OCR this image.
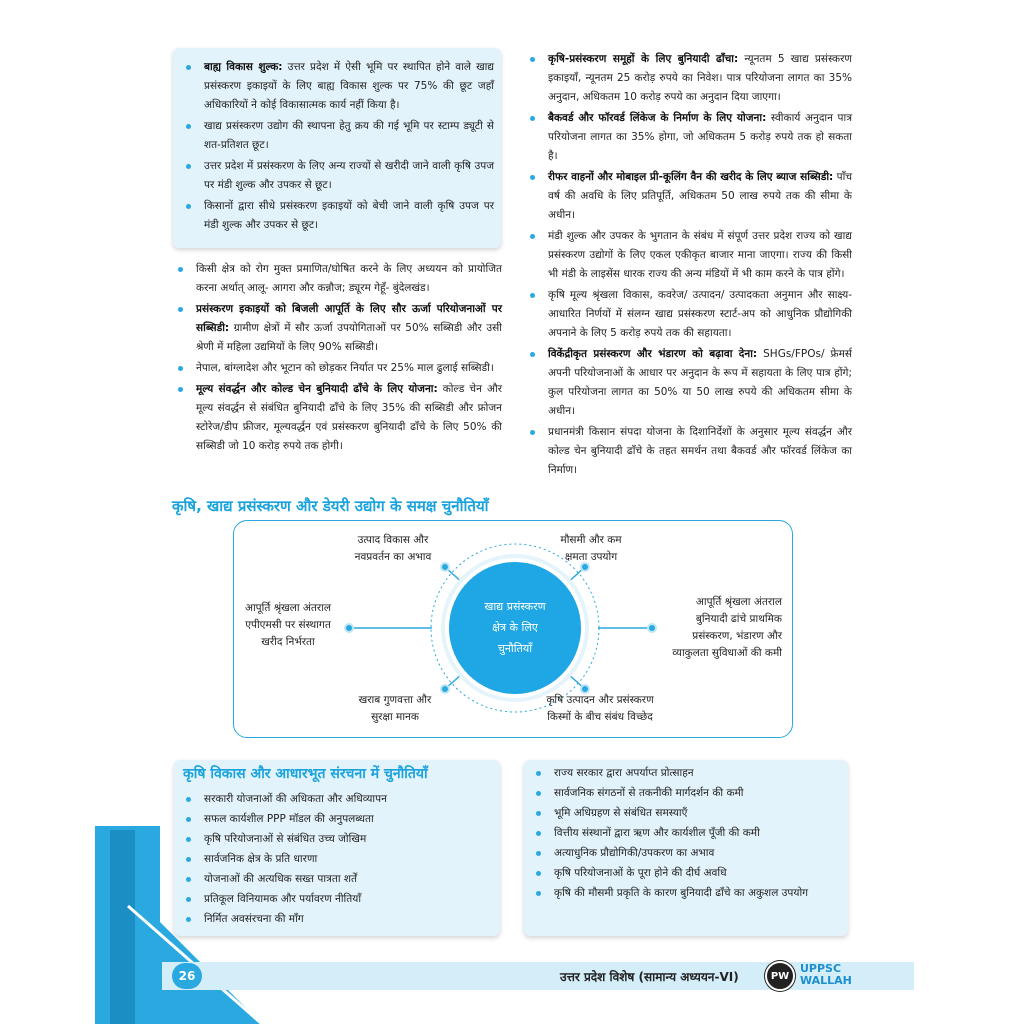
बाह्य विकास शुल्क: उत्तर प्रदेश में ऐसी भूमि पर स्थापित होने वाले खाद्य प्रसंस्करण इकाइयों के लिए बाह्य विकास शुल्क पर 75% की छूट जहाँ अधिकारियों ने कोई विकासात्मक कार्य नहीं किया है।
खाद्य प्रसंस्करण उद्योग की स्थापना हेतु क्रय की गई भूमि पर स्टाम्प ड्यूटी से शत-प्रतिशत छूट।
उत्तर प्रदेश में प्रसंस्करण के लिए अन्य राज्यों से खरीदी जाने वाली कृषि उपज पर मंडी शुल्क और उपकर से छूट।
किसानों द्वारा सीधे प्रसंस्करण इकाइयों को बेची जाने वाली कृषि उपज पर मंडी शुल्क और उपकर से छूट।
किसी क्षेत्र को रोग मुक्त प्रमाणित/घोषित करने के लिए अध्ययन को प्रायोजित करना अर्थात् आलू- आगरा और कन्नौज; ड्यूरम गेहूँ- बुंदेलखंड।
प्रसंस्करण इकाइयों को बिजली आपूर्ति के लिए सौर ऊर्जा परियोजनाओं पर सब्सिडी: ग्रामीण क्षेत्रों में सौर ऊर्जा उपयोगिताओं पर 50% सब्सिडी और उसी श्रेणी में महिला उद्यमियों के लिए 90% सब्सिडी।
नेपाल, बांग्लादेश और भूटान को छोड़कर निर्यात पर 25% माल ढुलाई सब्सिडी।
मूल्य संवर्द्धन और कोल्ड चेन बुनियादी ढाँचे के लिए योजना: कोल्ड चेन और मूल्य संवर्द्धन से संबंधित बुनियादी ढाँचे के लिए 35% की सब्सिडी और फ्रोजन स्टोरेज/डीप फ्रीजर, मूल्यवर्द्धन एवं प्रसंस्करण बुनियादी ढाँचे के लिए 50% की सब्सिडी जो 10 करोड़ रुपये तक होगी।
कृषि-प्रसंस्करण समूहों के लिए बुनियादी ढाँचा: न्यूनतम 5 खाद्य प्रसंस्करण इकाइयाँ, न्यूनतम 25 करोड़ रुपये का निवेश। पात्र परियोजना लागत का 35% अनुदान, अधिकतम 10 करोड़ रुपये का अनुदान दिया जाएगा।
बैकवर्ड और फॉरवर्ड लिंकेज के निर्माण के लिए योजना: स्वीकार्य अनुदान पात्र परियोजना लागत का 35% होगा, जो अधिकतम 5 करोड़ रुपये तक हो सकता है।
रीफर वाहनों और मोबाइल प्री-कूलिंग वैन की खरीद के लिए ब्याज सब्सिडी: पाँच वर्ष की अवधि के लिए प्रतिपूर्ति, अधिकतम 50 लाख रुपये तक की सीमा के अधीन।
मंडी शुल्क और उपकर के भुगतान के संबंध में संपूर्ण उत्तर प्रदेश राज्य को खाद्य प्रसंस्करण उद्योगों के लिए एकल एकीकृत बाजार माना जाएगा। राज्य की किसी भी मंडी के लाइसेंस धारक राज्य की अन्य मंडियों में भी काम करने के पात्र होंगे।
कृषि मूल्य श्रृंखला विकास, कवरेज/ उत्पादन/ उत्पादकता अनुमान और साक्ष्य-आधारित निर्णयों में संलग्न खाद्य प्रसंस्करण स्टार्ट-अप को आधुनिक प्रौद्योगिकी अपनाने के लिए 5 करोड़ रुपये तक की सहायता।
विकेंद्रीकृत प्रसंस्करण और भंडारण को बढ़ावा देना: SHGs/FPOs/ फ्रेमर्स अपनी परियोजनाओं के आधार पर अनुदान के रूप में सहायता के लिए पात्र होंगे; कुल परियोजना लागत का 50% या 50 लाख रुपये की अधिकतम सीमा के अधीन।
प्रधानमंत्री किसान संपदा योजना के दिशानिर्देशों के अनुसार मूल्य संवर्द्धन और कोल्ड चेन बुनियादी ढाँचे के तहत समर्थन तथा बैकवर्ड और फॉरवर्ड लिंकेज का निर्माण।
कृषि, खाद्य प्रसंस्करण और डेयरी उद्योग के समक्ष चुनौतियाँ
खाद्य प्रसंस्करण
क्षेत्र के लिए
चुनौतियाँ
उत्पाद विकास और
नवप्रवर्तन का अभाव
मौसमी और कम
क्षमता उपयोग
आपूर्ति श्रृंखला अंतराल
एपीएमसी पर संस्थागत
खरीद निर्भरता
आपूर्ति श्रृंखला अंतराल
बुनियादी ढांचे प्राथमिक
प्रसंस्करण, भंडारण और
व्याकुलता सुविधाओं की कमी
खराब गुणवत्ता और
सुरक्षा मानक
कृषि उत्पादन और प्रसंस्करण
किस्मों के बीच संबंध विच्छेद
कृषि विकास और आधारभूत संरचना में चुनौतियाँ
सरकारी योजनाओं की अधिकता और अधिव्यापन
सफल कार्यशील PPP मॉडल की अनुपलब्धता
कृषि परियोजनाओं से संबंधित उच्च जोखिम
सार्वजनिक क्षेत्र के प्रति धारणा
योजनाओं की अत्यधिक सख्त पात्रता शर्तें
प्रतिकूल विनियामक और पर्यावरण नीतियाँ
निर्मित अवसंरचना की माँग
राज्य सरकार द्वारा अपर्याप्त प्रोत्साहन
सार्वजनिक संगठनों से तकनीकी मार्गदर्शन की कमी
भूमि अधिग्रहण से संबंधित समस्याएँ
वित्तीय संस्थानों द्वारा ऋण और कार्यशील पूँजी की कमी
अत्याधुनिक प्रौद्योगिकी/उपकरण का अभाव
कृषि परियोजनाओं के पूरा होने की दीर्घ अवधि
कृषि की मौसमी प्रकृति के कारण बुनियादी ढाँचे का अकुशल उपयोग
26	उत्तर प्रदेश विशेष (सामान्य अध्ययन-VI)	PW
UPPSC
WALLAH
